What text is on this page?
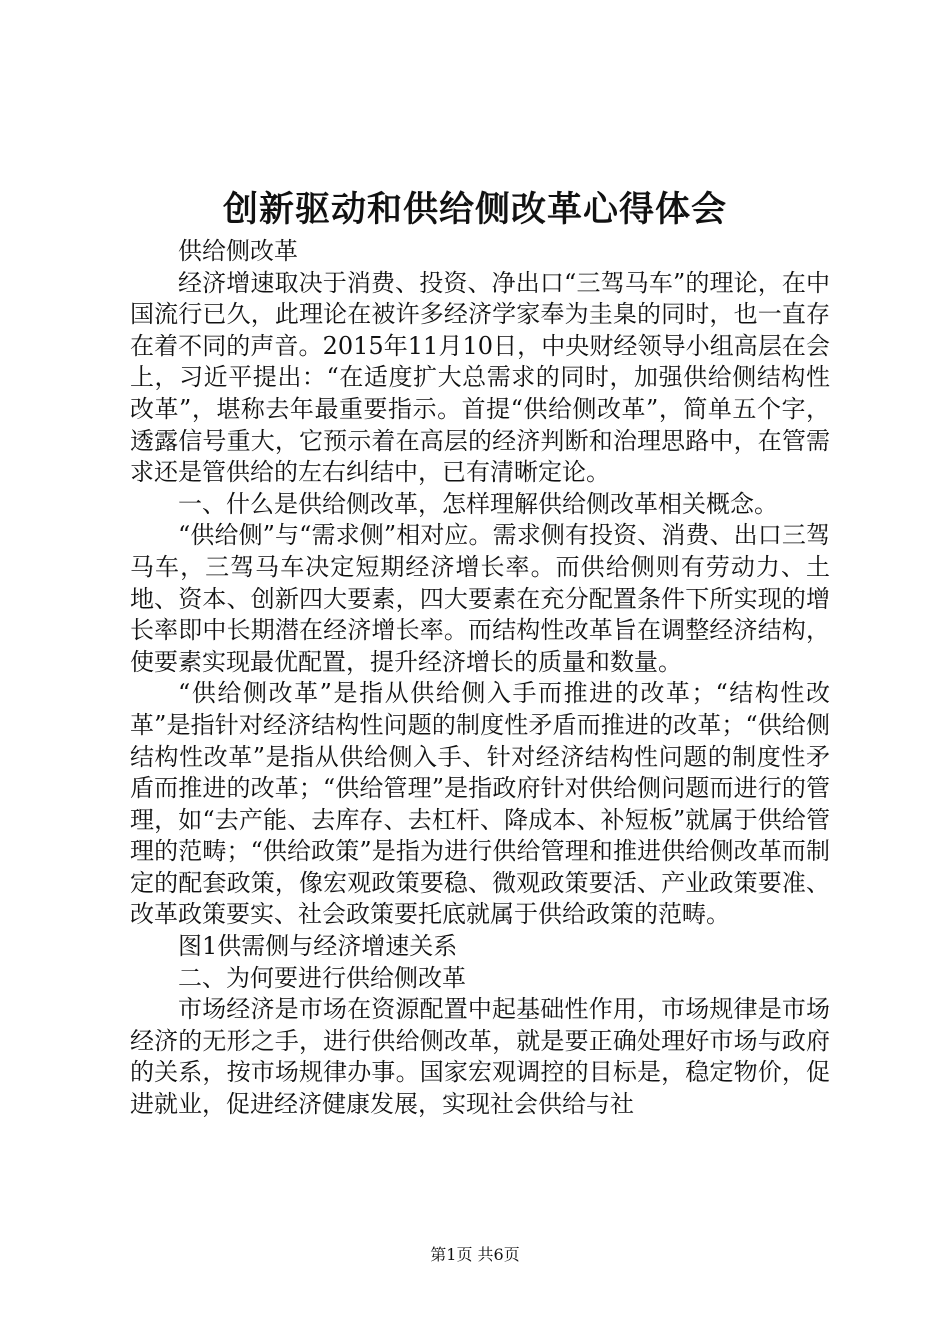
创新驱动和供给侧改革心得体会

供给侧改革

经济增速取决于消费、投资、净出口“三驾马车”的理论，在中国流行已久，此理论在被许多经济学家奉为圭臬的同时，也一直存在着不同的声音。2015年11月10日，中央财经领导小组高层在会上，习近平提出：“在适度扩大总需求的同时，加强供给侧结构性改革”，堪称去年最重要指示。首提“供给侧改革”，简单五个字，透露信号重大，它预示着在高层的经济判断和治理思路中，在管需求还是管供给的左右纠结中，已有清晰定论。

一、什么是供给侧改革，怎样理解供给侧改革相关概念。

“供给侧”与“需求侧”相对应。需求侧有投资、消费、出口三驾马车，三驾马车决定短期经济增长率。而供给侧则有劳动力、土地、资本、创新四大要素，四大要素在充分配置条件下所实现的增长率即中长期潜在经济增长率。而结构性改革旨在调整经济结构，使要素实现最优配置，提升经济增长的质量和数量。

“供给侧改革”是指从供给侧入手而推进的改革；“结构性改革”是指针对经济结构性问题的制度性矛盾而推进的改革；“供给侧结构性改革”是指从供给侧入手、针对经济结构性问题的制度性矛盾而推进的改革；“供给管理”是指政府针对供给侧问题而进行的管理，如“去产能、去库存、去杠杆、降成本、补短板”就属于供给管理的范畴；“供给政策”是指为进行供给管理和推进供给侧改革而制定的配套政策，像宏观政策要稳、微观政策要活、产业政策要准、改革政策要实、社会政策要托底就属于供给政策的范畴。

图1供需侧与经济增速关系

二、为何要进行供给侧改革

市场经济是市场在资源配置中起基础性作用，市场规律是市场经济的无形之手，进行供给侧改革，就是要正确处理好市场与政府的关系，按市场规律办事。国家宏观调控的目标是，稳定物价，促进就业，促进经济健康发展，实现社会供给与社

第1页 共6页
